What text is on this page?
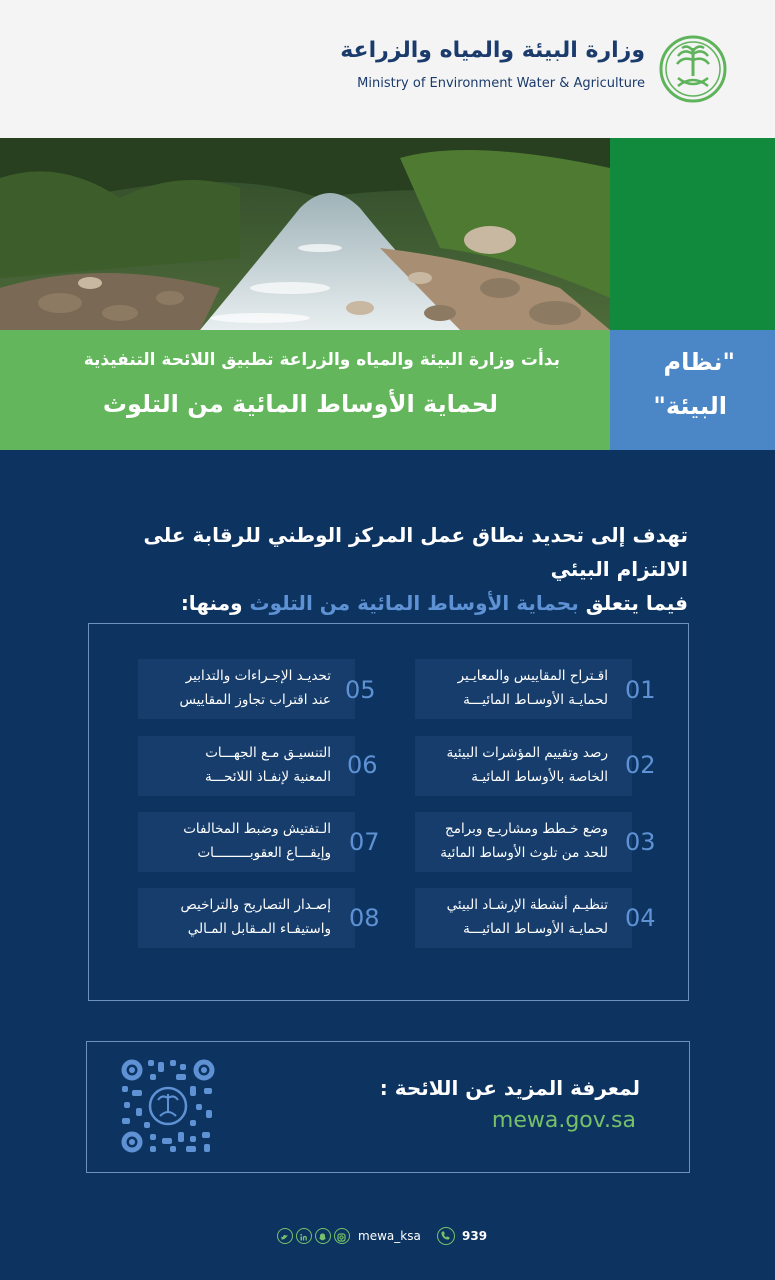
وزارة البيئة والمياه والزراعة
Ministry of Environment Water & Agriculture
بدأت وزارة البيئة والمياه والزراعة تطبيق اللائحة التنفيذية
لحماية الأوساط المائية من التلوث
"نظام
البيئة"
تهدف إلى تحديد نطاق عمل المركز الوطني للرقابة على الالتزام البيئي
فيما يتعلق بحماية الأوساط المائية من التلوث ومنها:
اقـتراح المقاييس والمعايـير
لحمايـة الأوسـاط المائيـــة 01
رصد وتقييم المؤشرات البيئية
الخاصة بالأوساط المائيـة 02
وضع خـطط ومشاريـع وبرامج
للحد من تلوث الأوساط المائية 03
تنظيـم أنشطة الإرشـاد البيئي
لحمايـة الأوسـاط المائيـــة 04
تحديـد الإجـراءات والتدابير
عند اقتراب تجاوز المقاييس 05
التنسيـق مـع الجهـــات
المعنية لإنفـاذ اللائحـــة 06
الـتفتيش وضبط المخالفات
وإيقـــاع العقوبـــــــــات 07
إصـدار التصاريح والتراخيص
واستيفـاء المـقابل المـالي 08
لمعرفة المزيد عن اللائحة :
mewa.gov.sa
mewa_ksa	939
